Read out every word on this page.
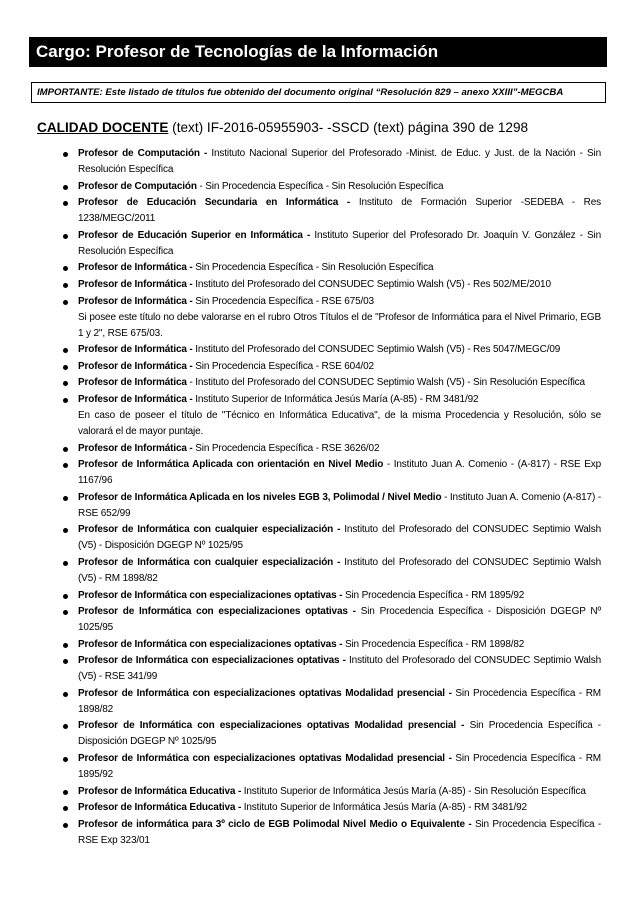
Cargo: Profesor de Tecnologías de la Información
IMPORTANTE: Este listado de títulos fue obtenido del documento original “Resolución 829 – anexo XXIII”-MEGCBA
CALIDAD DOCENTE (text) IF-2016-05955903- -SSCD (text) página 390 de 1298
Profesor de Computación - Instituto Nacional Superior del Profesorado -Minist. de Educ. y Just. de la Nación - Sin Resolución Específica
Profesor de Computación - Sin Procedencia Específica - Sin Resolución Específica
Profesor de Educación Secundaria en Informática - Instituto de Formación Superior -SEDEBA - Res 1238/MEGC/2011
Profesor de Educación Superior en Informática - Instituto Superior del Profesorado Dr. Joaquín V. González - Sin Resolución Específica
Profesor de Informática - Sin Procedencia Específica - Sin Resolución Específica
Profesor de Informática - Instituto del Profesorado del CONSUDEC Septimio Walsh (V5) - Res 502/ME/2010
Profesor de Informática - Sin Procedencia Específica - RSE 675/03
Si posee este título no debe valorarse en el rubro Otros Títulos el de "Profesor de Informática para el Nivel Primario, EGB 1 y 2", RSE 675/03.
Profesor de Informática - Instituto del Profesorado del CONSUDEC Septimio Walsh (V5) - Res 5047/MEGC/09
Profesor de Informática - Sin Procedencia Específica - RSE 604/02
Profesor de Informática - Instituto del Profesorado del CONSUDEC Septimio Walsh (V5) - Sin Resolución Específica
Profesor de Informática - Instituto Superior de Informática Jesús María (A-85) - RM 3481/92
En caso de poseer el título de "Técnico en Informática Educativa", de la misma Procedencia y Resolución, sólo se valorará el de mayor puntaje.
Profesor de Informática - Sin Procedencia Específica - RSE 3626/02
Profesor de Informática Aplicada con orientación en Nivel Medio - Instituto Juan A. Comenio - (A-817) - RSE Exp 1167/96
Profesor de Informática Aplicada en los niveles EGB 3, Polimodal / Nivel Medio - Instituto Juan A. Comenio (A-817) - RSE 652/99
Profesor de Informática con cualquier especialización - Instituto del Profesorado del CONSUDEC Septimio Walsh (V5) - Disposición DGEGP Nº 1025/95
Profesor de Informática con cualquier especialización - Instituto del Profesorado del CONSUDEC Septimio Walsh (V5) - RM 1898/82
Profesor de Informática con especializaciones optativas - Sin Procedencia Específica - RM 1895/92
Profesor de Informática con especializaciones optativas - Sin Procedencia Específica - Disposición DGEGP Nº 1025/95
Profesor de Informática con especializaciones optativas - Sin Procedencia Específica - RM 1898/82
Profesor de Informática con especializaciones optativas - Instituto del Profesorado del CONSUDEC Septimio Walsh (V5) - RSE 341/99
Profesor de Informática con especializaciones optativas Modalidad presencial - Sin Procedencia Específica - RM 1898/82
Profesor de Informática con especializaciones optativas Modalidad presencial - Sin Procedencia Específica - Disposición DGEGP Nº 1025/95
Profesor de Informática con especializaciones optativas Modalidad presencial - Sin Procedencia Específica - RM 1895/92
Profesor de Informática Educativa - Instituto Superior de Informática Jesús María (A-85) - Sin Resolución Específica
Profesor de Informática Educativa - Instituto Superior de Informática Jesús María (A-85) - RM 3481/92
Profesor de informática para 3º ciclo de EGB Polimodal Nivel Medio o Equivalente - Sin Procedencia Específica - RSE Exp 323/01
